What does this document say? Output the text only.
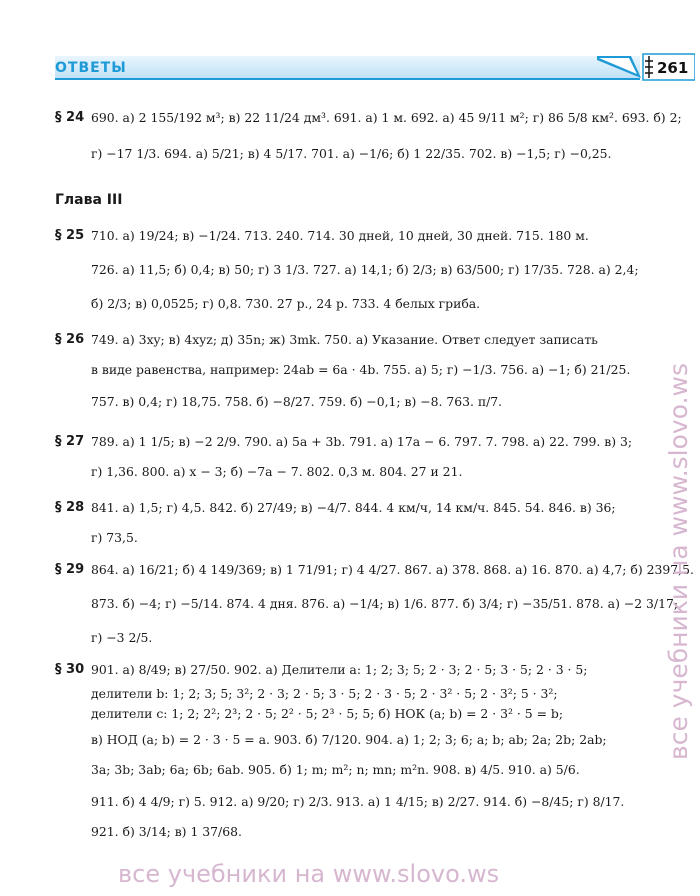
ОТВЕТЫ	261
§ 24 690. а) 2 155/192 м³; в) 22 11/24 дм³. 691. а) 1 м. 692. а) 45 9/11 м²; г) 86 5/8 км². 693. б) 2;
г) −17 1/3. 694. а) 5/21; в) 4 5/17. 701. а) −1/6; б) 1 22/35. 702. в) −1,5; г) −0,25.
Глава III
§ 25 710. а) 19/24; в) −1/24. 713. 240. 714. 30 дней, 10 дней, 30 дней. 715. 180 м.
726. а) 11,5; б) 0,4; в) 50; г) 3 1/3. 727. а) 14,1; б) 2/3; в) 63/500; г) 17/35. 728. а) 2,4;
б) 2/3; в) 0,0525; г) 0,8. 730. 27 р., 24 р. 733. 4 белых гриба.
§ 26 749. а) 3xy; в) 4xyz; д) 35n; ж) 3mk. 750. а) Указание. Ответ следует записать
в виде равенства, например: 24ab = 6a · 4b. 755. а) 5; г) −1/3. 756. а) −1; б) 21/25.
757. в) 0,4; г) 18,75. 758. б) −8/27. 759. б) −0,1; в) −8. 763. π/7.
§ 27 789. а) 1 1/5; в) −2 2/9. 790. а) 5a + 3b. 791. а) 17a − 6. 797. 7. 798. а) 22. 799. в) 3;
г) 1,36. 800. а) x − 3; б) −7a − 7. 802. 0,3 м. 804. 27 и 21.
§ 28 841. а) 1,5; г) 4,5. 842. б) 27/49; в) −4/7. 844. 4 км/ч, 14 км/ч. 845. 54. 846. в) 36;
г) 73,5.
§ 29 864. а) 16/21; б) 4 149/369; в) 1 71/91; г) 4 4/27. 867. а) 378. 868. а) 16. 870. а) 4,7; б) 2397,5.
873. б) −4; г) −5/14. 874. 4 дня. 876. а) −1/4; в) 1/6. 877. б) 3/4; г) −35/51. 878. а) −2 3/17;
г) −3 2/5.
§ 30 901. а) 8/49; в) 27/50. 902. а) Делители a: 1; 2; 3; 5; 2 · 3; 2 · 5; 3 · 5; 2 · 3 · 5;
делители b: 1; 2; 3; 5; 3²; 2 · 3; 2 · 5; 3 · 5; 2 · 3 · 5; 2 · 3² · 5; 2 · 3²; 5 · 3²;
делители c: 1; 2; 2²; 2³; 2 · 5; 2² · 5; 2³ · 5; 5; б) НОК (a; b) = 2 · 3² · 5 = b;
в) НОД (a; b) = 2 · 3 · 5 = a. 903. б) 7/120. 904. а) 1; 2; 3; 6; a; b; ab; 2a; 2b; 2ab;
3a; 3b; 3ab; 6a; 6b; 6ab. 905. б) 1; m; m²; n; mn; m²n. 908. в) 4/5. 910. а) 5/6.
911. б) 4 4/9; г) 5. 912. а) 9/20; г) 2/3. 913. а) 1 4/15; в) 2/27. 914. б) −8/45; г) 8/17.
921. б) 3/14; в) 1 37/68.
все учебники на www.slovo.ws
все учебники на www.slovo.ws
